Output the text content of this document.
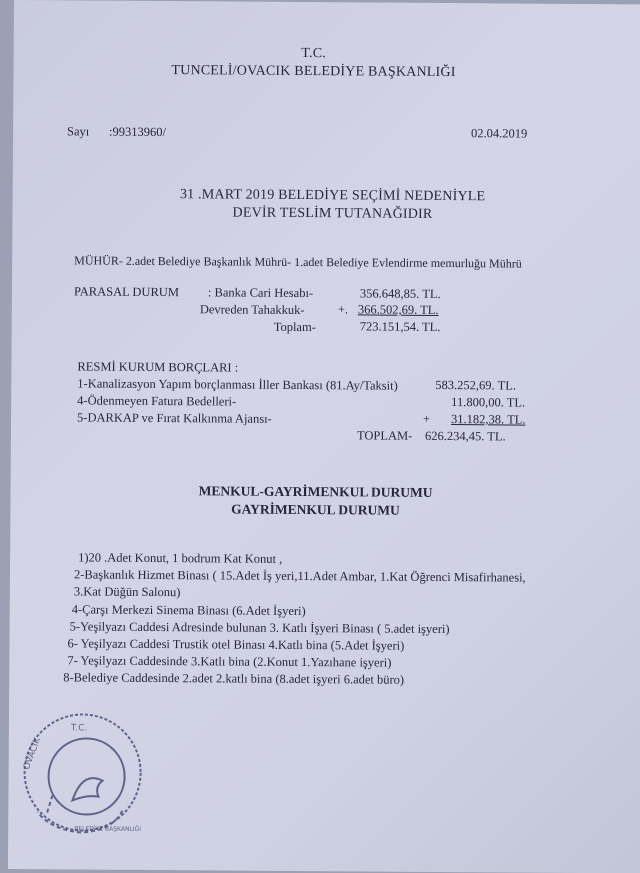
T.C.
TUNCELİ/OVACIK BELEDİYE BAŞKANLIĞI
Sayı :99313960/	02.04.2019
31 .MART 2019 BELEDİYE SEÇİMİ NEDENİYLE
DEVİR TESLİM TUTANAĞIDIR
MÜHÜR- 2.adet Belediye Başkanlık Mührü- 1.adet Belediye Evlendirme memurluğu Mührü
PARASAL DURUM : Banka Cari Hesabı-	356.648,85. TL.
Devreden Tahakkuk-	+. 366.502,69. TL.
Toplam-	723.151,54. TL.
RESMİ KURUM BORÇLARI :
1-Kanalizasyon Yapım borçlanması İller Bankası (81.Ay/Taksit)	583.252,69. TL.
4-Ödenmeyen Fatura Bedelleri-	11.800,00. TL.
5-DARKAP ve Fırat Kalkınma Ajansı-	+ 31.182,38. TL.
TOPLAM- 626.234,45. TL.
MENKUL-GAYRİMENKUL DURUMU
GAYRİMENKUL DURUMU
1)20 .Adet Konut, 1 bodrum Kat Konut ,
2-Başkanlık Hizmet Binası ( 15.Adet İş yeri,11.Adet Ambar, 1.Kat Öğrenci Misafirhanesi,
3.Kat Düğün Salonu)
4-Çarşı Merkezi Sinema Binası (6.Adet İşyeri)
5-Yeşilyazı Caddesi Adresinde bulunan 3. Katlı İşyeri Binası ( 5.adet işyeri)
6- Yeşilyazı Caddesi Trustik otel Binası 4.Katlı bina (5.Adet İşyeri)
7- Yeşilyazı Caddesinde 3.Katlı bina (2.Konut 1.Yazıhane işyeri)
8-Belediye Caddesinde 2.adet 2.katlı bina (8.adet işyeri 6.adet büro)
T.C.
OVACIK
BELEDİYE BAŞKANLIĞI
